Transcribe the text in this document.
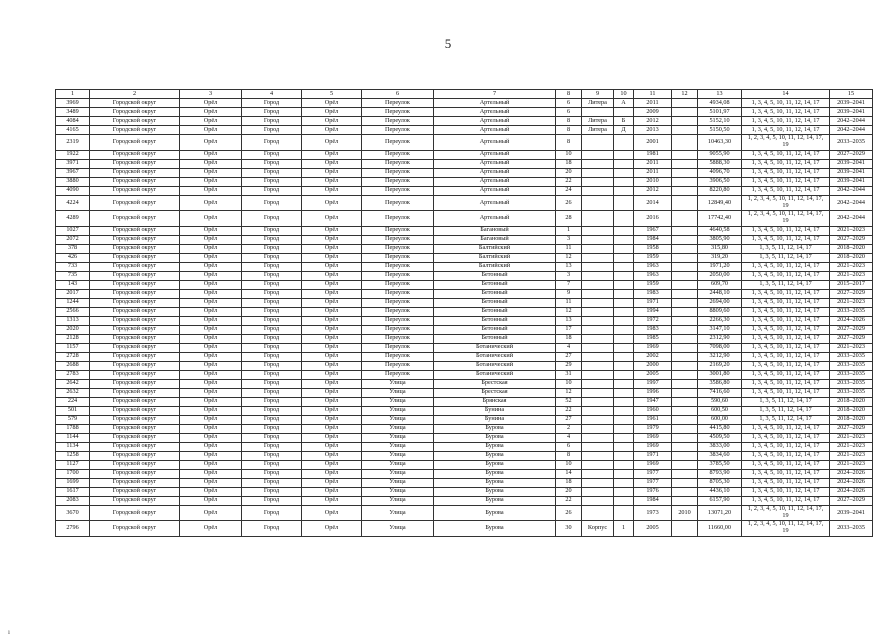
5
1	2	3	4	5	6	7	8	9	10	11	12	13	14	15
3969	Городской округ	Орёл	Город	Орёл	Переулок	Артельный	6	Литера	А	2011		4934,08	1, 3, 4, 5, 10, 11, 12, 14, 17	2039–2041
3489	Городской округ	Орёл	Город	Орёл	Переулок	Артельный	6			2009		5101,97	1, 3, 4, 5, 10, 11, 12, 14, 17	2039–2041
4084	Городской округ	Орёл	Город	Орёл	Переулок	Артельный	8	Литера	Б	2012		5152,10	1, 3, 4, 5, 10, 11, 12, 14, 17	2042–2044
4165	Городской округ	Орёл	Город	Орёл	Переулок	Артельный	8	Литера	Д	2013		5150,50	1, 3, 4, 5, 10, 11, 12, 14, 17	2042–2044
2319	Городской округ	Орёл	Город	Орёл	Переулок	Артельный	8			2001		10463,30	1, 2, 3, 4, 5, 10, 11, 12, 14, 17, 19	2033–2035
1922	Городской округ	Орёл	Город	Орёл	Переулок	Артельный	10			1981		9055,90	1, 3, 4, 5, 10, 11, 12, 14, 17	2027–2029
3971	Городской округ	Орёл	Город	Орёл	Переулок	Артельный	18			2011		5888,30	1, 3, 4, 5, 10, 11, 12, 14, 17	2039–2041
3967	Городской округ	Орёл	Город	Орёл	Переулок	Артельный	20			2011		4096,70	1, 3, 4, 5, 10, 11, 12, 14, 17	2039–2041
3880	Городской округ	Орёл	Город	Орёл	Переулок	Артельный	22			2010		3906,50	1, 3, 4, 5, 10, 11, 12, 14, 17	2039–2041
4090	Городской округ	Орёл	Город	Орёл	Переулок	Артельный	24			2012		8220,80	1, 3, 4, 5, 10, 11, 12, 14, 17	2042–2044
4224	Городской округ	Орёл	Город	Орёл	Переулок	Артельный	26			2014		12849,40	1, 2, 3, 4, 5, 10, 11, 12, 14, 17, 19	2042–2044
4289	Городской округ	Орёл	Город	Орёл	Переулок	Артельный	28			2016		17742,40	1, 2, 3, 4, 5, 10, 11, 12, 14, 17, 19	2042–2044
1027	Городской округ	Орёл	Город	Орёл	Переулок	Багановый	1			1967		4640,58	1, 3, 4, 5, 10, 11, 12, 14, 17	2021–2023
2072	Городской округ	Орёл	Город	Орёл	Переулок	Багановый	3			1984		3805,90	1, 3, 4, 5, 10, 11, 12, 14, 17	2027–2029
378	Городской округ	Орёл	Город	Орёл	Переулок	Балтийский	11			1958		315,80	1, 3, 5, 11, 12, 14, 17	2018–2020
426	Городской округ	Орёл	Город	Орёл	Переулок	Балтийский	12			1959		319,20	1, 3, 5, 11, 12, 14, 17	2018–2020
733	Городской округ	Орёл	Город	Орёл	Переулок	Балтийский	13			1963		1971,20	1, 3, 4, 5, 10, 11, 12, 14, 17	2021–2023
735	Городской округ	Орёл	Город	Орёл	Переулок	Бетонный	3			1963		2050,00	1, 3, 4, 5, 10, 11, 12, 14, 17	2021–2023
143	Городской округ	Орёл	Город	Орёл	Переулок	Бетонный	7			1959		609,70	1, 3, 5, 11, 12, 14, 17	2015–2017
2017	Городской округ	Орёл	Город	Орёл	Переулок	Бетонный	9			1983		2448,10	1, 3, 4, 5, 10, 11, 12, 14, 17	2027–2029
1244	Городской округ	Орёл	Город	Орёл	Переулок	Бетонный	11			1971		2694,00	1, 3, 4, 5, 10, 11, 12, 14, 17	2021–2023
2566	Городской округ	Орёл	Город	Орёл	Переулок	Бетонный	12			1994		8809,60	1, 3, 4, 5, 10, 11, 12, 14, 17	2033–2035
1313	Городской округ	Орёл	Город	Орёл	Переулок	Бетонный	13			1972		2266,30	1, 3, 4, 5, 10, 11, 12, 14, 17	2024–2026
2020	Городской округ	Орёл	Город	Орёл	Переулок	Бетонный	17			1983		3147,10	1, 3, 4, 5, 10, 11, 12, 14, 17	2027–2029
2128	Городской округ	Орёл	Город	Орёл	Переулок	Бетонный	18			1985		2312,90	1, 3, 4, 5, 10, 11, 12, 14, 17	2027–2029
1157	Городской округ	Орёл	Город	Орёл	Переулок	Ботанический	4			1969		7098,00	1, 3, 4, 5, 10, 11, 12, 14, 17	2021–2023
2728	Городской округ	Орёл	Город	Орёл	Переулок	Ботанический	27			2002		3212,90	1, 3, 4, 5, 10, 11, 12, 14, 17	2033–2035
2688	Городской округ	Орёл	Город	Орёл	Переулок	Ботанический	29			2000		2169,20	1, 3, 4, 5, 10, 11, 12, 14, 17	2033–2035
2783	Городской округ	Орёл	Город	Орёл	Переулок	Ботанический	31			2005		3001,80	1, 3, 4, 5, 10, 11, 12, 14, 17	2033–2035
2642	Городской округ	Орёл	Город	Орёл	Улица	Брестская	10			1997		3586,80	1, 3, 4, 5, 10, 11, 12, 14, 17	2033–2035
2632	Городской округ	Орёл	Город	Орёл	Улица	Брестская	12			1996		7416,60	1, 3, 4, 5, 10, 11, 12, 14, 17	2033–2035
224	Городской округ	Орёл	Город	Орёл	Улица	Брянская	52			1947		590,60	1, 3, 5, 11, 12, 14, 17	2018–2020
501	Городской округ	Орёл	Город	Орёл	Улица	Бунина	22			1960		600,50	1, 3, 5, 11, 12, 14, 17	2018–2020
579	Городской округ	Орёл	Город	Орёл	Улица	Бунина	27			1961		600,00	1, 3, 5, 11, 12, 14, 17	2018–2020
1788	Городской округ	Орёл	Город	Орёл	Улица	Бурова	2			1979		4415,80	1, 3, 4, 5, 10, 11, 12, 14, 17	2027–2029
1144	Городской округ	Орёл	Город	Орёл	Улица	Бурова	4			1969		4509,50	1, 3, 4, 5, 10, 11, 12, 14, 17	2021–2023
1134	Городской округ	Орёл	Город	Орёл	Улица	Бурова	6			1969		3833,00	1, 3, 4, 5, 10, 11, 12, 14, 17	2021–2023
1258	Городской округ	Орёл	Город	Орёл	Улица	Бурова	8			1971		3834,60	1, 3, 4, 5, 10, 11, 12, 14, 17	2021–2023
1127	Городской округ	Орёл	Город	Орёл	Улица	Бурова	10			1969		3785,50	1, 3, 4, 5, 10, 11, 12, 14, 17	2021–2023
1700	Городской округ	Орёл	Город	Орёл	Улица	Бурова	14			1977		8793,90	1, 3, 4, 5, 10, 11, 12, 14, 17	2024–2026
1699	Городской округ	Орёл	Город	Орёл	Улица	Бурова	18			1977		8705,30	1, 3, 4, 5, 10, 11, 12, 14, 17	2024–2026
1617	Городской округ	Орёл	Город	Орёл	Улица	Бурова	20			1976		4436,10	1, 3, 4, 5, 10, 11, 12, 14, 17	2024–2026
2083	Городской округ	Орёл	Город	Орёл	Улица	Бурова	22			1984		6157,90	1, 3, 4, 5, 10, 11, 12, 14, 17	2027–2029
3670	Городской округ	Орёл	Город	Орёл	Улица	Бурова	26			1973	2010	13071,20	1, 2, 3, 4, 5, 10, 11, 12, 14, 17, 19	2039–2041
2796	Городской округ	Орёл	Город	Орёл	Улица	Бурова	30	Корпус	1	2005		11660,00	1, 2, 3, 4, 5, 10, 11, 12, 14, 17, 19	2033–2035
ı
